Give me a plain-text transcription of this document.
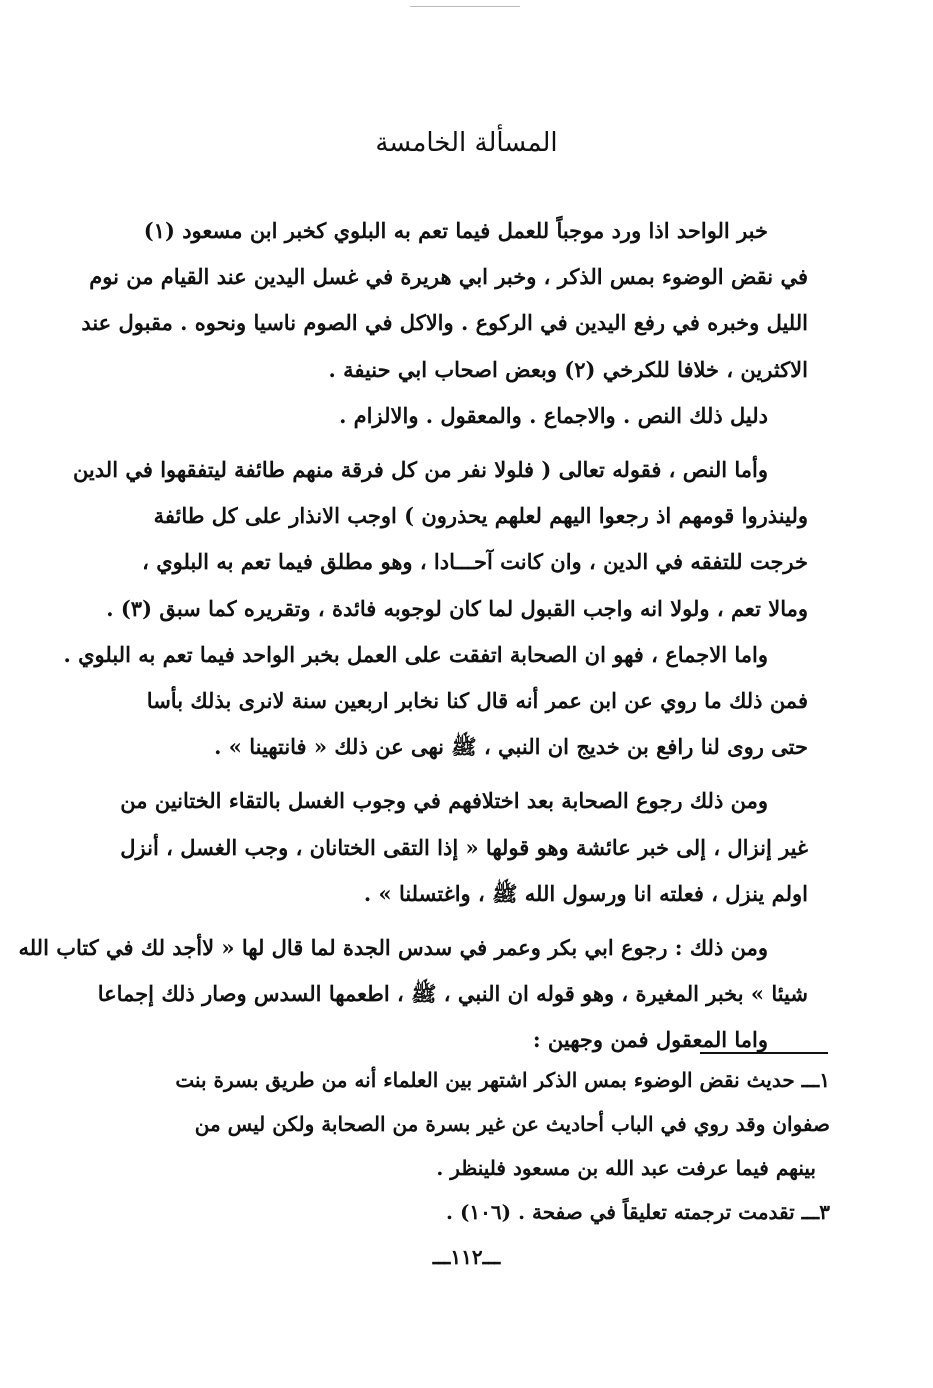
المسألة الخامسة
خبر الواحد اذا ورد موجباً للعمل فيما تعم به البلوي كخبر ابن مسعود (١)
في نقض الوضوء بمس الذكر ، وخبر ابي هريرة في غسل اليدين عند القيام من نوم
الليل وخبره في رفع اليدين في الركوع . والاكل في الصوم ناسيا ونحوه . مقبول عند
الاكثرين ، خلافا للكرخي (٢) وبعض اصحاب ابي حنيفة .
دليل ذلك النص . والاجماع . والمعقول . والالزام .
وأما النص ، فقوله تعالى ( فلولا نفر من كل فرقة منهم طائفة ليتفقهوا في الدين
ولينذروا قومهم اذ رجعوا اليهم لعلهم يحذرون ) اوجب الانذار على كل طائفة
خرجت للتفقه في الدين ، وان كانت آحـــادا ، وهو مطلق فيما تعم به البلوي ،
ومالا تعم ، ولولا انه واجب القبول لما كان لوجوبه فائدة ، وتقريره كما سبق (٣) .
واما الاجماع ، فهو ان الصحابة اتفقت على العمل بخبر الواحد فيما تعم به البلوي .
فمن ذلك ما روي عن ابن عمر أنه قال كنا نخابر اربعين سنة لانرى بذلك بأسا
حتى روى لنا رافع بن خديج ان النبي ، ﷺ نهى عن ذلك « فانتهينا » .
ومن ذلك رجوع الصحابة بعد اختلافهم في وجوب الغسل بالتقاء الختانين من
غير إنزال ، إلى خبر عائشة وهو قولها « إذا التقى الختانان ، وجب الغسل ، أنزل
اولم ينزل ، فعلته انا ورسول الله ﷺ ، واغتسلنا » .
ومن ذلك : رجوع ابي بكر وعمر في سدس الجدة لما قال لها « لاأجد لك في كتاب الله
شيئا » بخبر المغيرة ، وهو قوله ان النبي ، ﷺ ، اطعمها السدس وصار ذلك إجماعا
واما المعقول فمن وجهين :
١ـــ حديث نقض الوضوء بمس الذكر اشتهر بين العلماء أنه من طريق بسرة بنت
صفوان وقد روي في الباب أحاديث عن غير بسرة من الصحابة ولكن ليس من
بينهم فيما عرفت عبد الله بن مسعود فلينظر .
٣ـــ تقدمت ترجمته تعليقاً في صفحة . (١٠٦) .
ـــ١١٢ـــ
